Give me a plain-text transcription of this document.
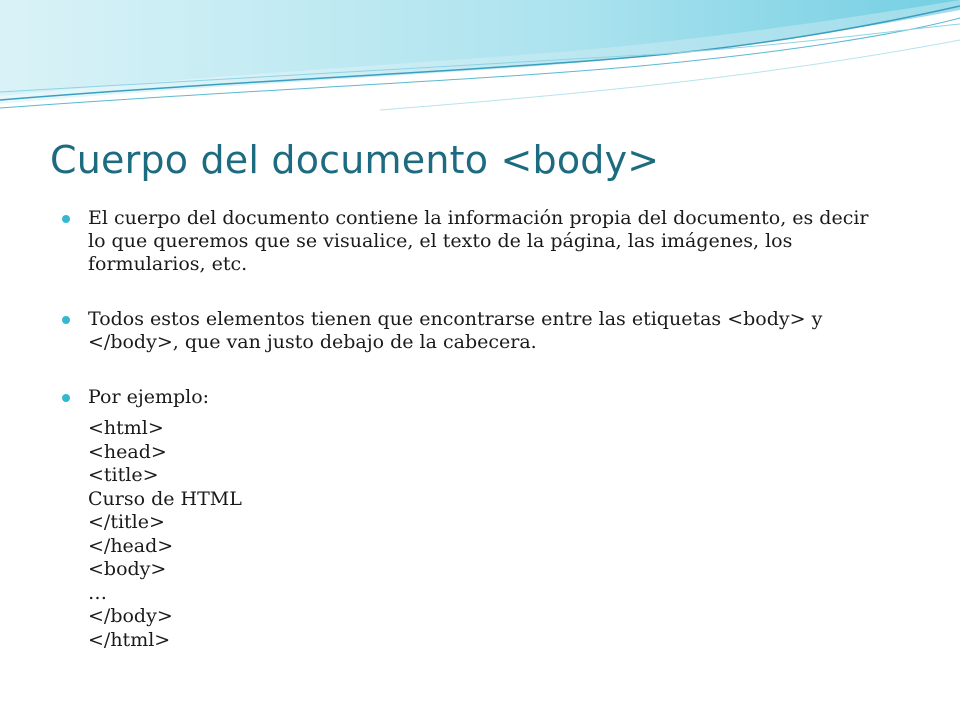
Cuerpo del documento <body>

El cuerpo del documento contiene la información propia del documento, es decir lo que queremos que se visualice, el texto de la página, las imágenes, los formularios, etc.

Todos estos elementos tienen que encontrarse entre las etiquetas <body> y </body>, que van justo debajo de la cabecera.

Por ejemplo:

<html>
<head>
<title>
Curso de HTML
</title>
</head>
<body>
…
</body>
</html>
